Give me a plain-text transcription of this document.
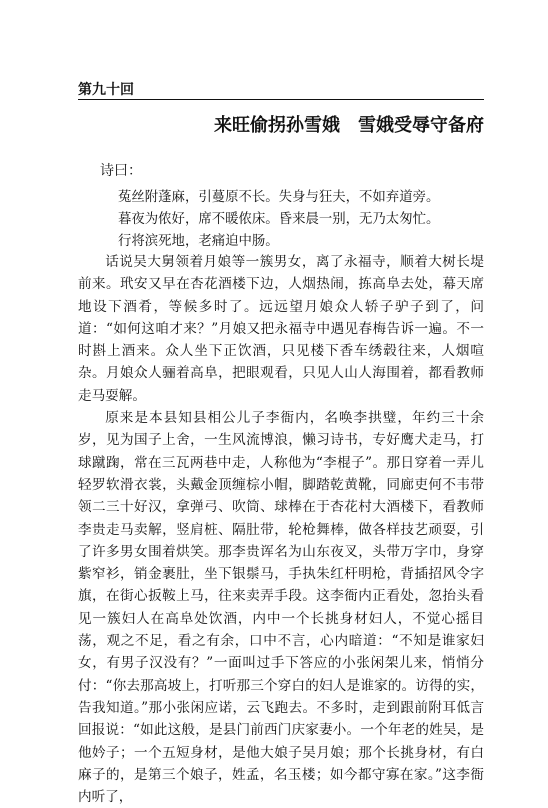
第九十回
来旺偷拐孙雪娥　雪娥受辱守备府
诗曰：
菟丝附蓬麻，引蔓原不长。失身与狂夫，不如弃道旁。
暮夜为侬好，席不暖侬床。昏来晨一别，无乃太匆忙。
行将滨死地，老痛迫中肠。

话说吴大舅领着月娘等一簇男女，离了永福寺，顺着大树长堤前来。玳安又早在杏花酒楼下边，人烟热闹，拣高阜去处，幕天席地设下酒肴，等候多时了。远远望月娘众人轿子驴子到了，问道：“如何这咱才来？”月娘又把永福寺中遇见春梅告诉一遍。不一时斟上酒来。众人坐下正饮酒，只见楼下香车绣毂往来，人烟喧杂。月娘众人骊着高阜，把眼观看，只见人山人海围着，都看教师走马耍解。

原来是本县知县相公儿子李衙内，名唤李拱璧，年约三十余岁，见为国子上舍，一生风流博浪，懒习诗书，专好鹰犬走马，打球蹴踘，常在三瓦两巷中走，人称他为“李棍子”。那日穿着一弄儿轻罗软滑衣裳，头戴金顶缠棕小帽，脚踏乾黄靴，同廊吏何不韦带领二三十好汉，拿弹弓、吹筒、球棒在于杏花村大酒楼下，看教师李贵走马卖解，竖肩桩、隔肚带，轮枪舞棒，做各样技艺顽耍，引了许多男女围着烘笑。那李贵诨名为山东夜叉，头带万字巾，身穿紫窄衫，销金裹肚，坐下银鬃马，手执朱红杆明枪，背插招风令字旗，在街心扳鞍上马，往来卖弄手段。这李衙内正看处，忽抬头看见一簇妇人在高阜处饮酒，内中一个长挑身材妇人，不觉心摇目荡，观之不足，看之有余，口中不言，心内暗道：“不知是谁家妇女，有男子汉没有？”一面叫过手下答应的小张闲架儿来，悄悄分付：“你去那高坡上，打听那三个穿白的妇人是谁家的。访得的实，告我知道。”那小张闲应诺，云飞跑去。不多时，走到跟前附耳低言回报说：“如此这般，是县门前西门庆家妻小。一个年老的姓吴，是他妗子；一个五短身材，是他大娘子吴月娘；那个长挑身材，有白麻子的，是第三个娘子，姓孟，名玉楼；如今都守寡在家。”这李衙内听了，
